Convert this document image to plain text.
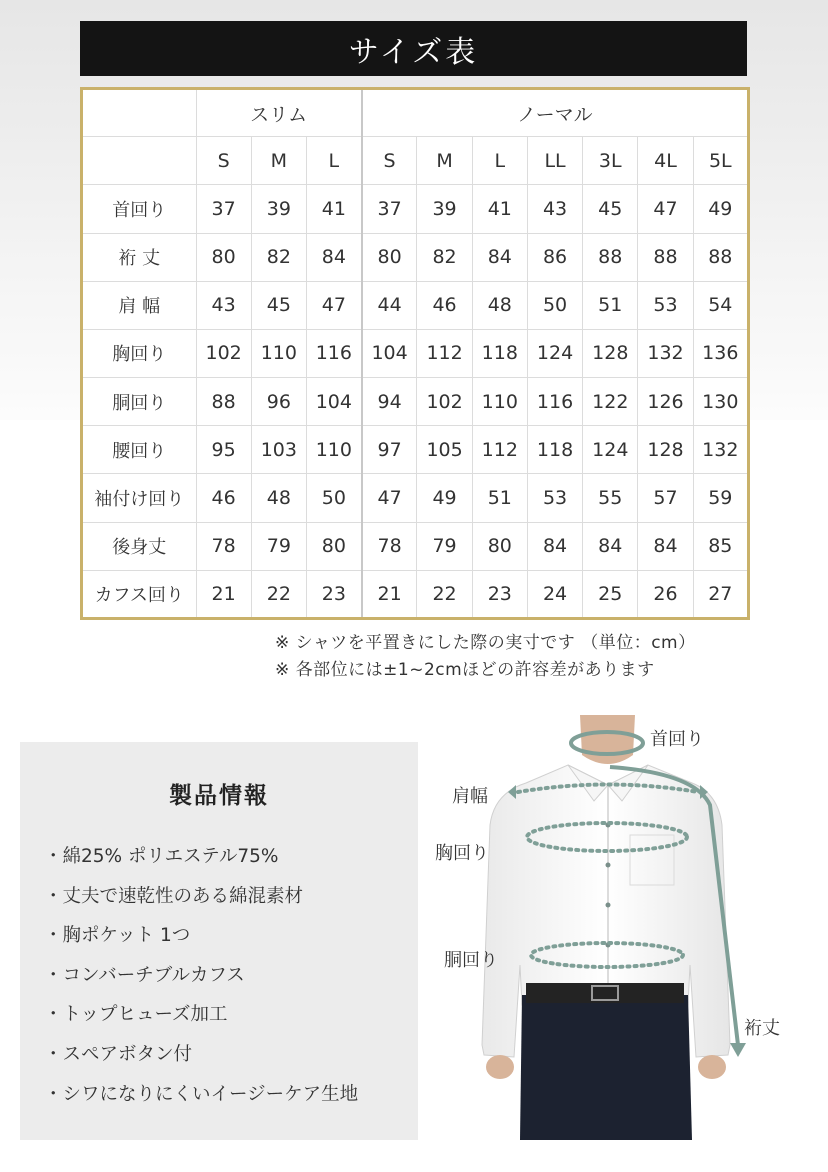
サイズ表
	スリム			ノーマル						
	S	M	L	S	M	L	LL	3L	4L	5L
首回り	37	39	41	37	39	41	43	45	47	49
裄 丈	80	82	84	80	82	84	86	88	88	88
肩 幅	43	45	47	44	46	48	50	51	53	54
胸回り	102	110	116	104	112	118	124	128	132	136
胴回り	88	96	104	94	102	110	116	122	126	130
腰回り	95	103	110	97	105	112	118	124	128	132
袖付け回り	46	48	50	47	49	51	53	55	57	59
後身丈	78	79	80	78	79	80	84	84	84	85
カフス回り	21	22	23	21	22	23	24	25	26	27
※ シャツを平置きにした際の実寸です （単位：cm）
※ 各部位には±1~2cmほどの許容差があります
製品情報
・ 綿25% ポリエステル75%
・ 丈夫で速乾性のある綿混素材
・ 胸ポケット 1つ
・ コンバーチブルカフス
・ トップヒューズ加工
・ スペアボタン付
・ シワになりにくいイージーケア生地
首回り
肩幅
胸回り
胴回り
裄丈
